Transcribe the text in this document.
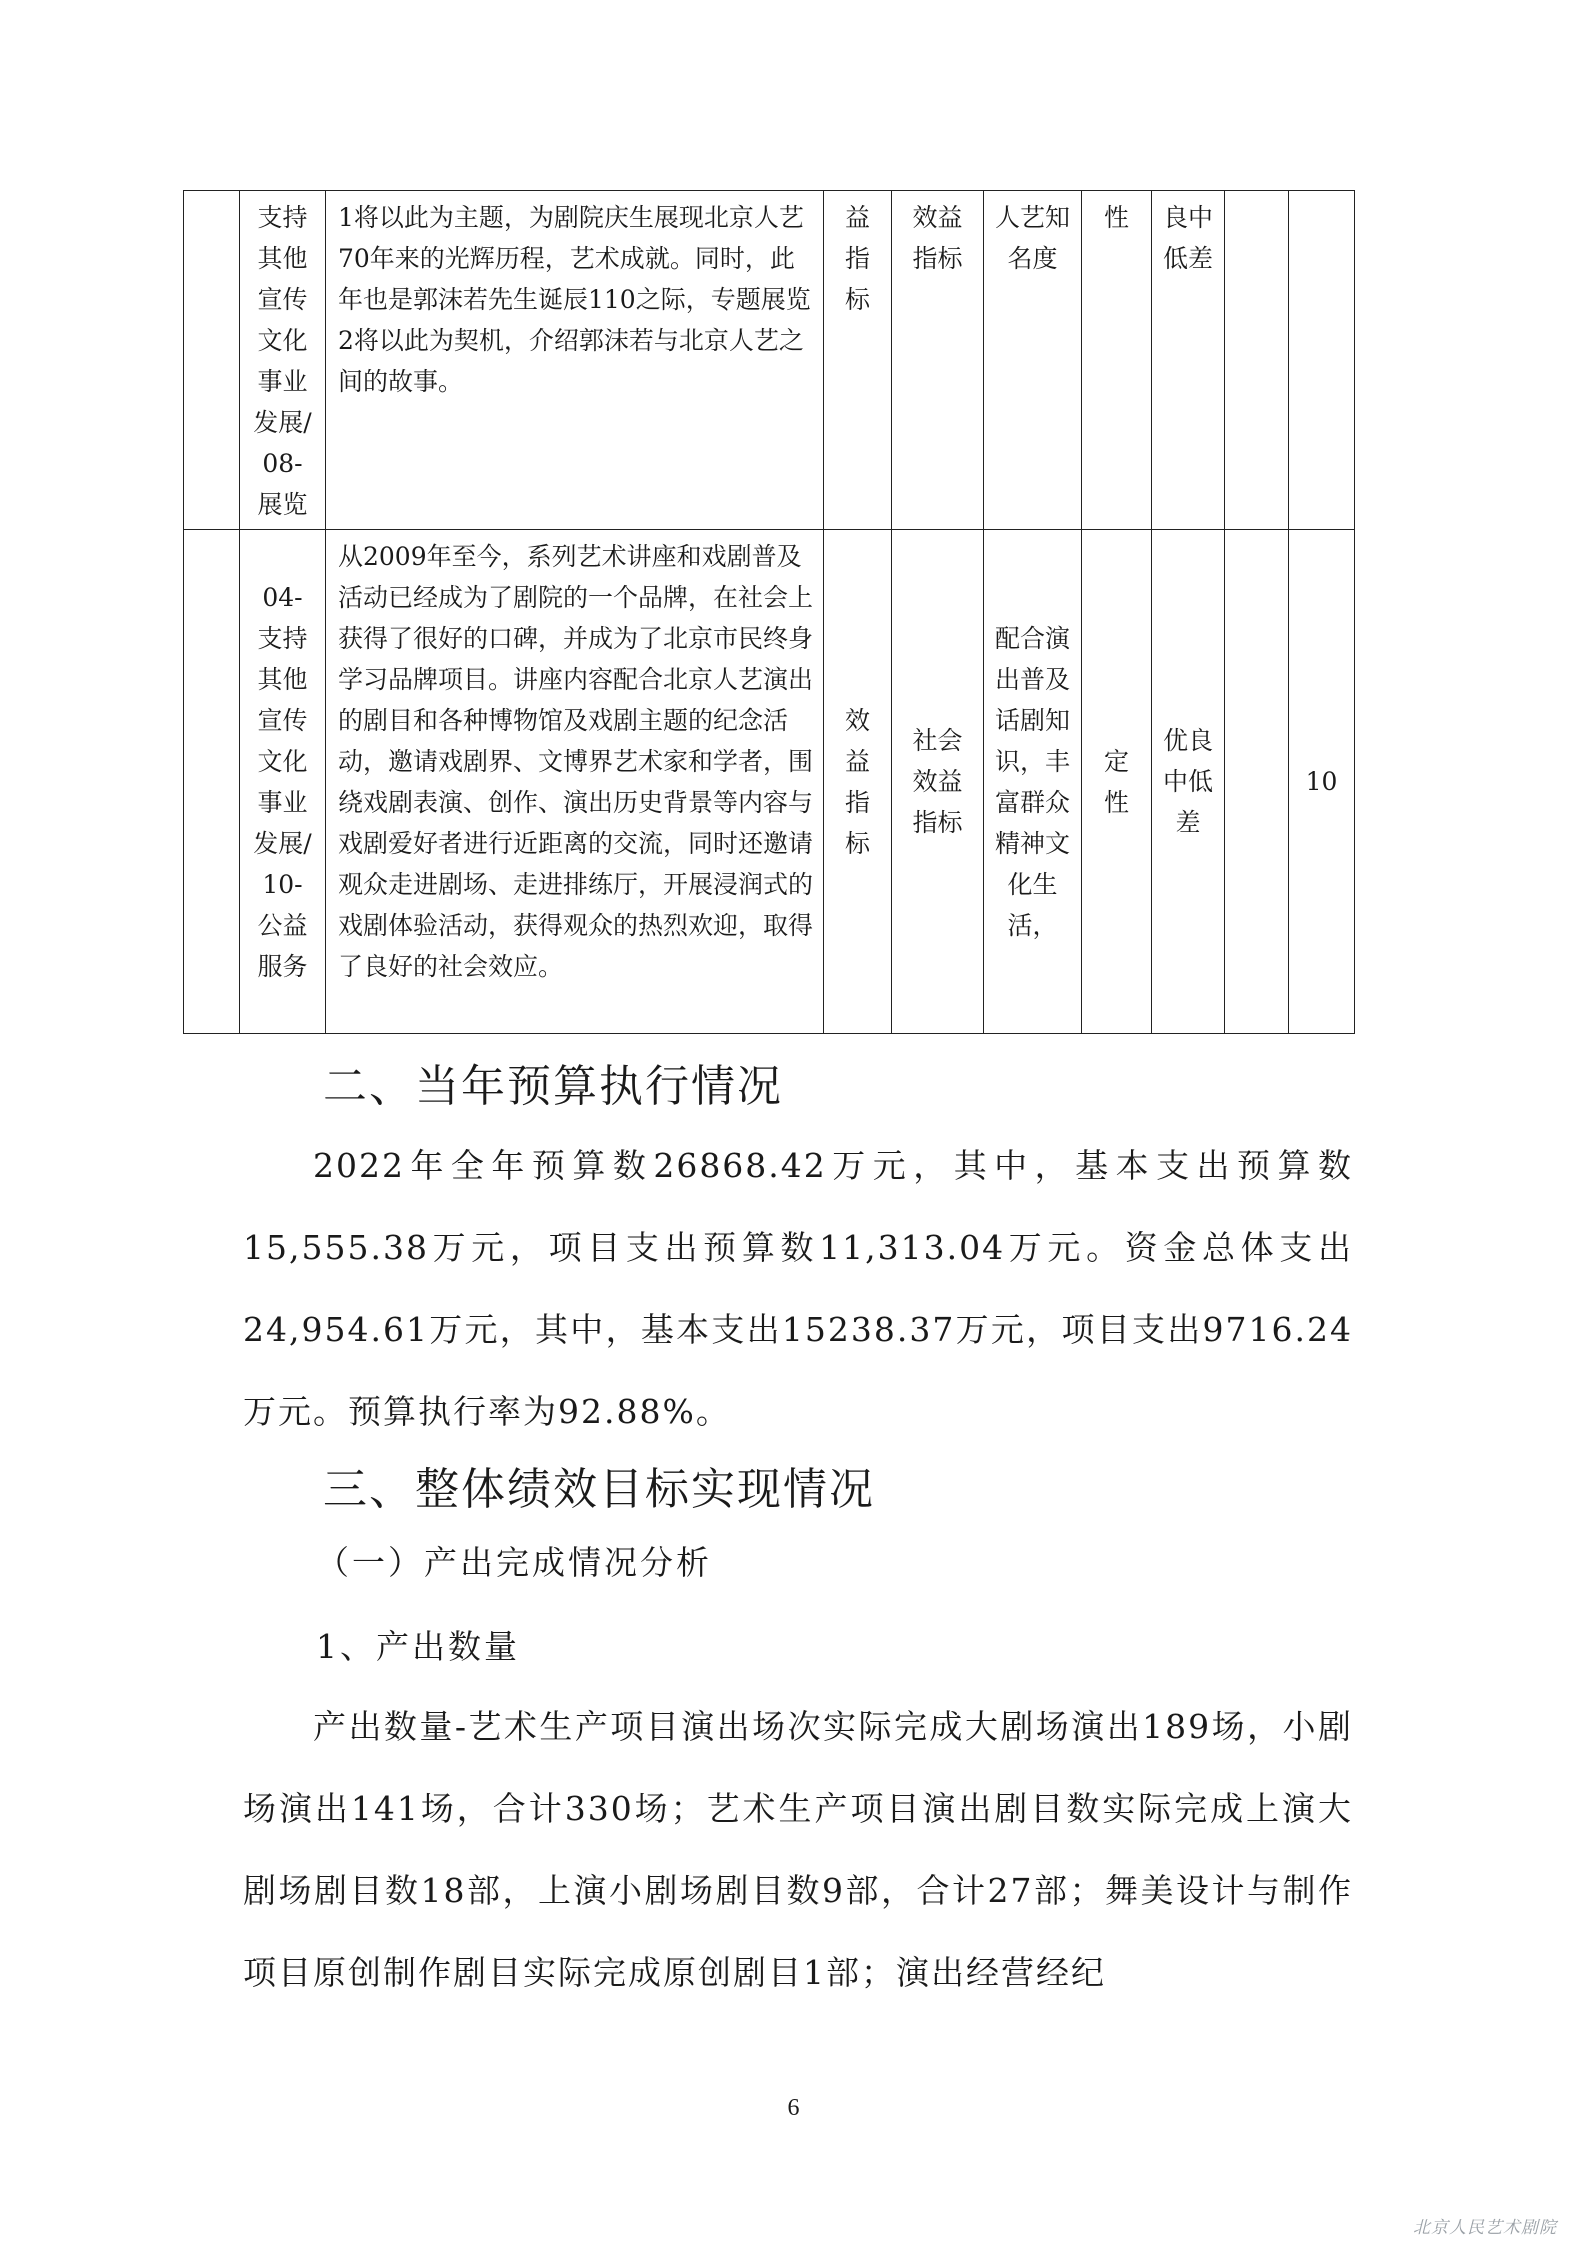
	支持其他宣传文化事业发展/08-展览	1将以此为主题，为剧院庆生展现北京人艺70年来的光辉历程，艺术成就。同时，此年也是郭沫若先生诞辰110之际，专题展览2将以此为契机，介绍郭沫若与北京人艺之间的故事。	益指标	效益指标	人艺知名度	性	良中低差		
	04-支持其他宣传文化事业发展/10-公益服务	从2009年至今，系列艺术讲座和戏剧普及活动已经成为了剧院的一个品牌，在社会上获得了很好的口碑，并成为了北京市民终身学习品牌项目。讲座内容配合北京人艺演出的剧目和各种博物馆及戏剧主题的纪念活动，邀请戏剧界、文博界艺术家和学者，围绕戏剧表演、创作、演出历史背景等内容与戏剧爱好者进行近距离的交流，同时还邀请观众走进剧场、走进排练厅，开展浸润式的戏剧体验活动，获得观众的热烈欢迎，取得了良好的社会效应。	效益指标	社会效益指标	配合演出普及话剧知识，丰富群众精神文化生活，	定性	优良中低差		10
二、当年预算执行情况

2022年全年预算数26868.42万元，其中，基本支出预算数15,555.38万元，项目支出预算数11,313.04万元。资金总体支出24,954.61万元，其中，基本支出15238.37万元，项目支出9716.24万元。预算执行率为92.88%。

三、整体绩效目标实现情况

（一）产出完成情况分析

1、产出数量

产出数量-艺术生产项目演出场次实际完成大剧场演出189场，小剧场演出141场，合计330场；艺术生产项目演出剧目数实际完成上演大剧场剧目数18部，上演小剧场剧目数9部，合计27部；舞美设计与制作项目原创制作剧目实际完成原创剧目1部；演出经营经纪

6
北京人民艺术剧院
